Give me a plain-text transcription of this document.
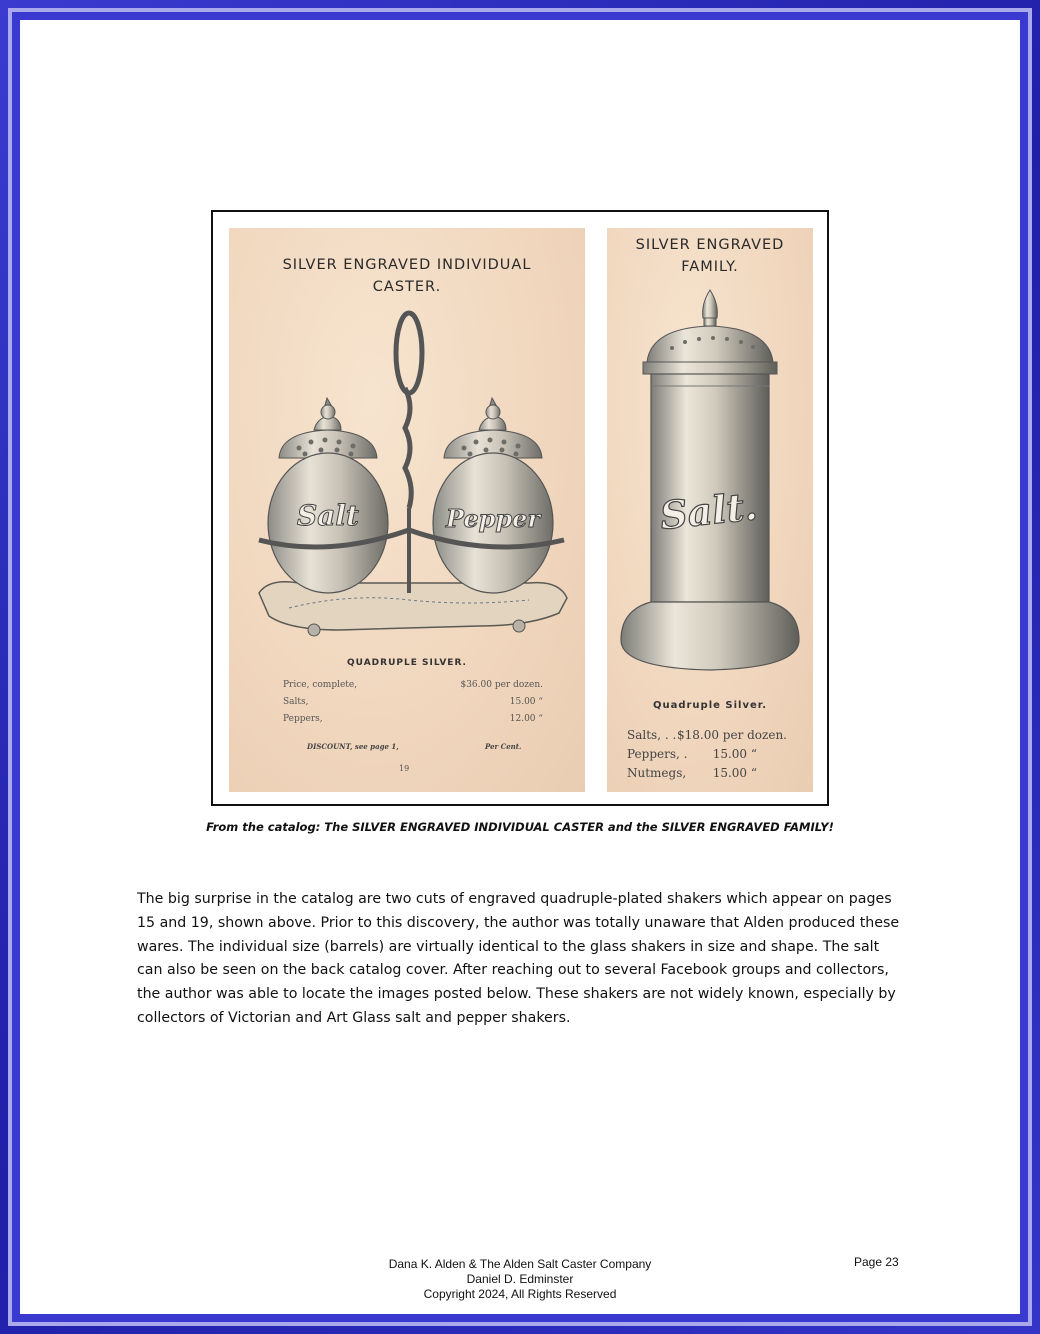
SILVER ENGRAVED INDIVIDUAL
CASTER.
Salt	Pepper
QUADRUPLE SILVER.
Price, complete,	$36.00 per dozen.
Salts,	15.00 “
Peppers,	12.00 “
DISCOUNT, see page 1,	Per Cent.
19
SILVER ENGRAVED
FAMILY.
Salt.
Quadruple Silver.
Salts, . . $18.00 per dozen.
Peppers, . 15.00 “
Nutmegs, 15.00 “
From the catalog: The SILVER ENGRAVED INDIVIDUAL CASTER and the SILVER ENGRAVED FAMILY!
The big surprise in the catalog are two cuts of engraved quadruple-plated shakers which appear on pages 15 and 19, shown above. Prior to this discovery, the author was totally unaware that Alden produced these wares. The individual size (barrels) are virtually identical to the glass shakers in size and shape. The salt can also be seen on the back catalog cover. After reaching out to several Facebook groups and collectors, the author was able to locate the images posted below. These shakers are not widely known, especially by collectors of Victorian and Art Glass salt and pepper shakers.
Dana K. Alden & The Alden Salt Caster Company
Daniel D. Edminster
Copyright 2024, All Rights Reserved
Page 23
